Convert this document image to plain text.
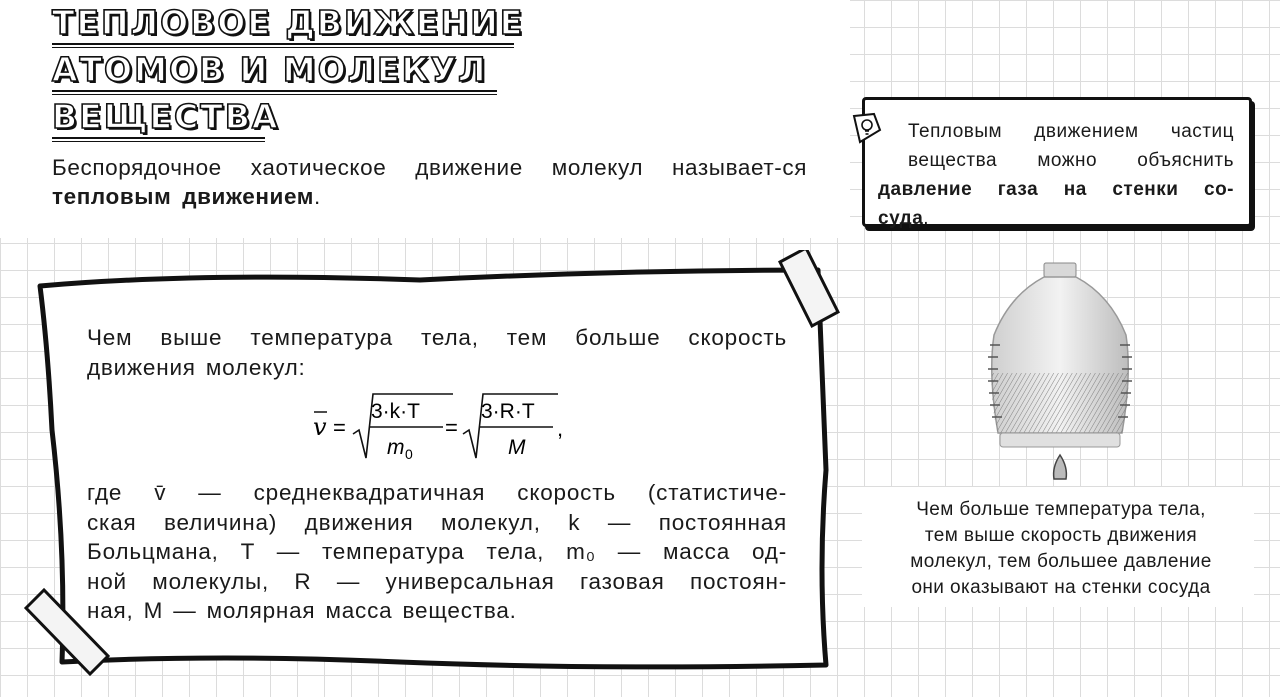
ТЕПЛОВОЕ ДВИЖЕНИЕ
АТОМОВ И МОЛЕКУЛ
ВЕЩЕСТВА
Беспорядочное хаотическое движение молекул называет-ся тепловым движением.
Тепловым движением частиц
вещества можно объяснить
давление газа на стенки со-
суда.
Чем выше температура тела, тем больше скорость
движения молекул:
v =
3·k·T
m 0
=
3·R·T
M
,
где v̄ — среднеквадратичная скорость (статистиче-
ская величина) движения молекул, k — постоянная
Больцмана, T — температура тела, m₀ — масса од-
ной молекулы, R — универсальная газовая постоян-
ная, M — молярная масса вещества.
Чем больше температура тела,
тем выше скорость движения
молекул, тем большее давление
они оказывают на стенки сосуда
